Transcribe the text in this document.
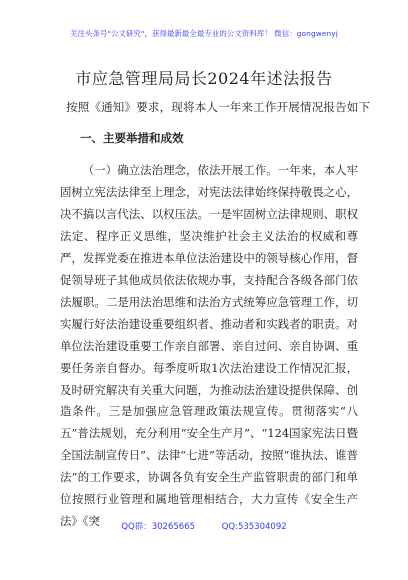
关注头条号"公文研究"，获得最新最全最专业的公文资料库！ 微信：gongwenyj
市应急管理局局长2024年述法报告
按照《通知》要求，现将本人一年来工作开展情况报告如下
一、主要举措和成效

（一）确立法治理念，依法开展工作。一年来，本人牢固树立宪法法律至上理念，对宪法法律始终保持敬畏之心，决不搞以言代法、以权压法。一是牢固树立法律规则、职权法定、程序正义思维，坚决维护社会主义法治的权威和尊严，发挥党委在推进本单位法治建设中的领导核心作用，督促领导班子其他成员依法依规办事，支持配合各级各部门依法履职。二是用法治思维和法治方式统筹应急管理工作，切实履行好法治建设重要组织者、推动者和实践者的职责。对单位法治建设重要工作亲自部署、亲自过问、亲自协调、重要任务亲自督办。每季度听取1次法治建设工作情况汇报，及时研究解决有关重大问题，为推动法治建设提供保障、创造条件。三是加强应急管理政策法规宣传。贯彻落实“八五”普法规划，充分利用“安全生产月”、“124国家宪法日暨全国法制宣传日”、法律“七进”等活动，按照“谁执法、谁普法”的工作要求，协调各负有安全生产监管职责的部门和单位按照行业管理和属地管理相结合，大力宣传《安全生产法》《突	QQ群：30265665	QQ:535304092
